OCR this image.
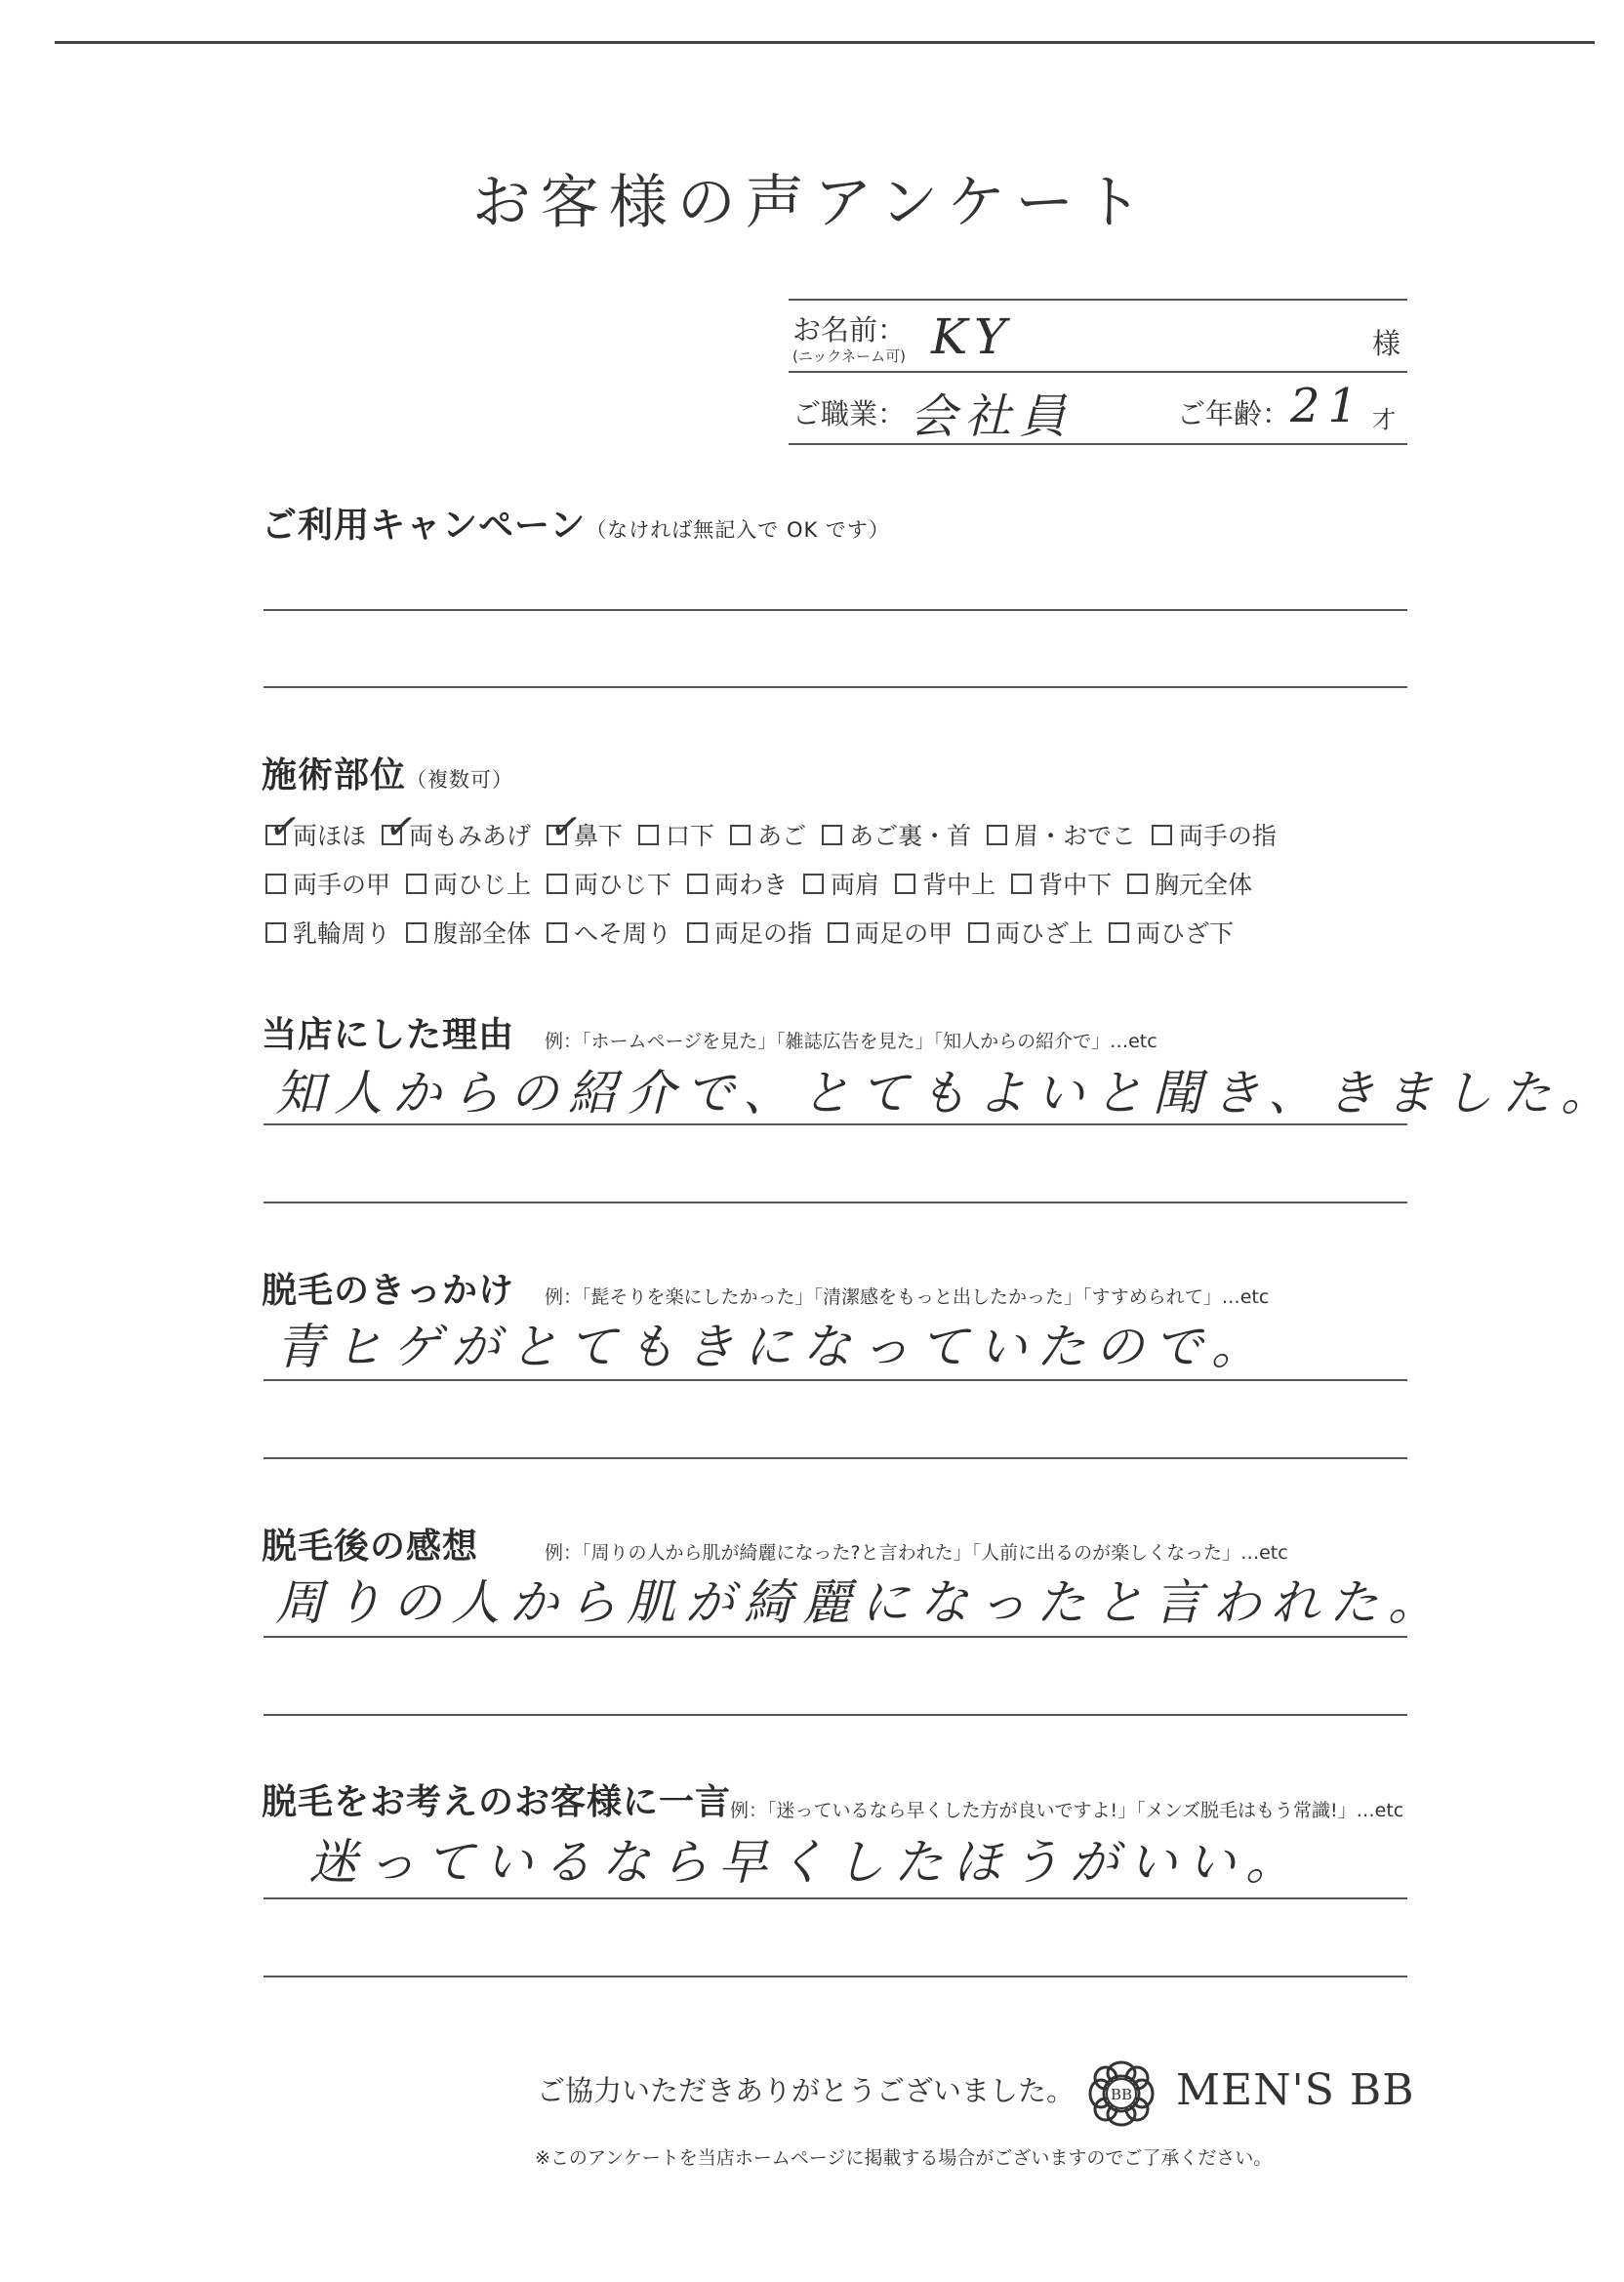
お客様の声アンケート
お名前：
(ニックネーム可) KY	様
ご職業： 会社員	ご年齢： 21 才
ご利用キャンペーン（なければ無記入で OK です）
施術部位（複数可）
✓
両ほほ ✓
両もみあげ ✓
鼻下 口下 あご あご裏・首 眉・おでこ 両手の指
両手の甲 両ひじ上 両ひじ下 両わき 両肩 背中上 背中下 胸元全体
乳輪周り 腹部全体 へそ周り 両足の指 両足の甲 両ひざ上 両ひざ下
当店にした理由 例：「ホームページを見た」「雑誌広告を見た」「知人からの紹介で」…etc
知人からの紹介で、とてもよいと聞き、きました。
脱毛のきっかけ 例：「髭そりを楽にしたかった」「清潔感をもっと出したかった」「すすめられて」…etc
青ヒゲがとてもきになっていたので。
脱毛後の感想	例：「周りの人から肌が綺麗になった?と言われた」「人前に出るのが楽しくなった」…etc
周りの人から肌が綺麗になったと言われた。
脱毛をお考えのお客様に一言
例：「迷っているなら早くした方が良いですよ!」「メンズ脱毛はもう常識!」…etc
迷っているなら早くしたほうがいい。
ご協力いただきありがとうございました。 BB MEN'S BB
※このアンケートを当店ホームページに掲載する場合がございますのでご了承ください。
